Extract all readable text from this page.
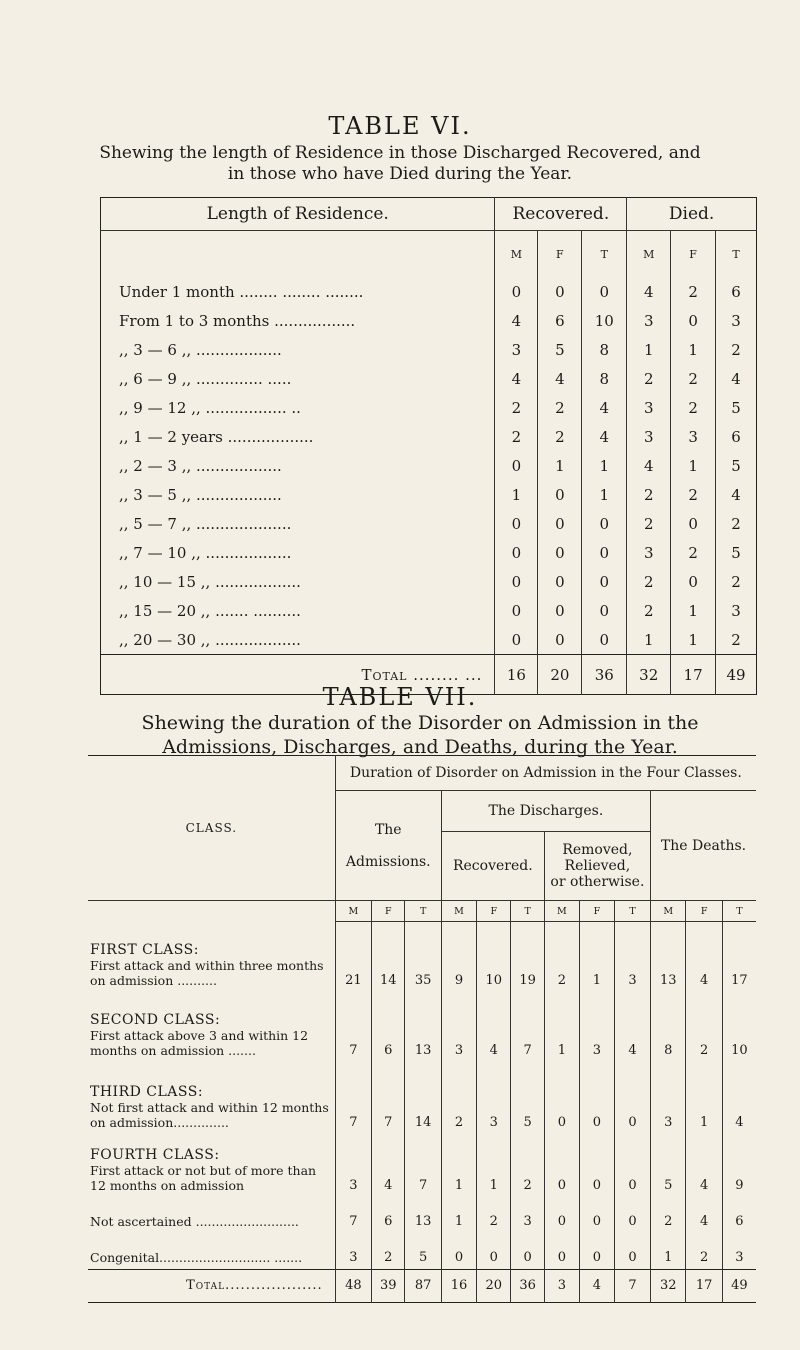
TABLE VI.
Shewing the length of Residence in those Discharged Recovered, and in those who have Died during the Year.
Length of Residence.	Recovered.			Died.		
	M	F	T	M	F	T
Under 1 month ........ ........ ........	0	0	0	4	2	6
From 1 to 3 months .................	4	6	10	3	0	3
,, 3 — 6 ,, ..................	3	5	8	1	1	2
,, 6 — 9 ,, .............. .....	4	4	8	2	2	4
,, 9 — 12 ,, ................. ..	2	2	4	3	2	5
,, 1 — 2 years ..................	2	2	4	3	3	6
,, 2 — 3 ,, ..................	0	1	1	4	1	5
,, 3 — 5 ,, ..................	1	0	1	2	2	4
,, 5 — 7 ,, ....................	0	0	0	2	0	2
,, 7 — 10 ,, ..................	0	0	0	3	2	5
,, 10 — 15 ,, ..................	0	0	0	2	0	2
,, 15 — 20 ,, ....... ..........	0	0	0	2	1	3
,, 20 — 30 ,, ..................	0	0	0	1	1	2
Total ........ ...	16	20	36	32	17	49
TABLE VII.
Shewing the duration of the Disorder on Admission in the Admissions, Discharges, and Deaths, during the Year.
CLASS.	Duration of Disorder on Admission in the Four Classes.											

	The
Admissions.			The Discharges.						The Deaths.		
				Recovered.			Removed,
Relieved,
or otherwise.					

	M	F	T	M	F	T	M	F	T	M	F	T

FIRST CLASS:
First attack and within three months on admission ..........	21	14	35	9	10	19	2	1	3	13	4	17

SECOND CLASS:
First attack above 3 and within 12 months on admission .......	7	6	13	3	4	7	1	3	4	8	2	10

THIRD CLASS:
Not first attack and within 12 months on admission..............	7	7	14	2	3	5	0	0	0	3	1	4

FOURTH CLASS:
First attack or not but of more than 12 months on admission	3	4	7	1	1	2	0	0	0	5	4	9

Not ascertained ..........................	7	6	13	1	2	3	0	0	0	2	4	6

Congenital............................ .......	3	2	5	0	0	0	0	0	0	1	2	3
Total...................	48	39	87	16	20	36	3	4	7	32	17	49
